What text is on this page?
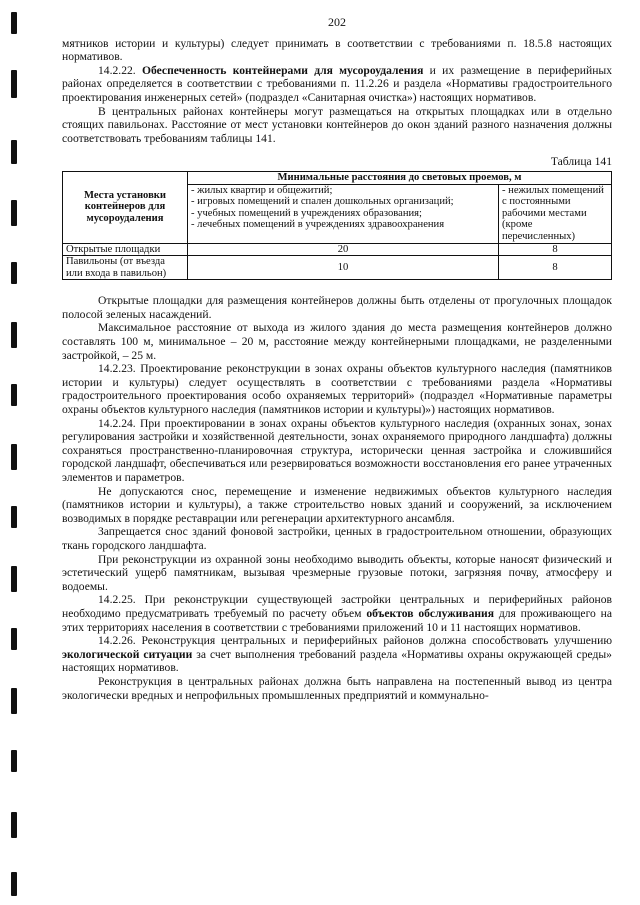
202

мятников истории и культуры) следует принимать в соответствии с требованиями п. 18.5.8 настоящих нормативов.

14.2.22. Обеспеченность контейнерами для мусороудаления и их размещение в периферийных районах определяется в соответствии с требованиями п. 11.2.26 и раздела «Нормативы градостроительного проектирования инженерных сетей» (подраздел «Санитарная очистка») настоящих нормативов.

В центральных районах контейнеры могут размещаться на открытых площадках или в отдельно стоящих павильонах. Расстояние от мест установки контейнеров до окон зданий разного назначения должны соответствовать требованиям таблицы 141.

Таблица 141
Места установки контейнеров для мусороудаления	Минимальные расстояния до световых проемов, м	
	- жилых квартир и общежитий;
- игровых помещений и спален дошкольных организаций;
- учебных помещений в учреждениях образования;
- лечебных помещений в учреждениях здравоохранения	- нежилых помещений с постоянными рабочими местами (кроме перечисленных)
Открытые площадки	20	8
Павильоны (от въезда или входа в павильон)	10	8

Открытые площадки для размещения контейнеров должны быть отделены от прогулочных площадок полосой зеленых насаждений.

Максимальное расстояние от выхода из жилого здания до места размещения контейнеров должно составлять 100 м, минимальное – 20 м, расстояние между контейнерными площадками, не разделенными застройкой, – 25 м.

14.2.23. Проектирование реконструкции в зонах охраны объектов культурного наследия (памятников истории и культуры) следует осуществлять в соответствии с требованиями раздела «Нормативы градостроительного проектирования особо охраняемых территорий» (подраздел «Нормативные параметры охраны объектов культурного наследия (памятников истории и культуры)») настоящих нормативов.

14.2.24. При проектировании в зонах охраны объектов культурного наследия (охранных зонах, зонах регулирования застройки и хозяйственной деятельности, зонах охраняемого природного ландшафта) должны сохраняться пространственно-планировочная структура, исторически ценная застройка и сложившийся городской ландшафт, обеспечиваться или резервироваться возможности восстановления его ранее утраченных элементов и параметров.

Не допускаются снос, перемещение и изменение недвижимых объектов культурного наследия (памятников истории и культуры), а также строительство новых зданий и сооружений, за исключением возводимых в порядке реставрации или регенерации архитектурного ансамбля.

Запрещается снос зданий фоновой застройки, ценных в градостроительном отношении, образующих ткань городского ландшафта.

При реконструкции из охранной зоны необходимо выводить объекты, которые наносят физический и эстетический ущерб памятникам, вызывая чрезмерные грузовые потоки, загрязняя почву, атмосферу и водоемы.

14.2.25. При реконструкции существующей застройки центральных и периферийных районов необходимо предусматривать требуемый по расчету объем объектов обслуживания для проживающего на этих территориях населения в соответствии с требованиями приложений 10 и 11 настоящих нормативов.

14.2.26. Реконструкция центральных и периферийных районов должна способствовать улучшению экологической ситуации за счет выполнения требований раздела «Нормативы охраны окружающей среды» настоящих нормативов.

Реконструкция в центральных районах должна быть направлена на постепенный вывод из центра экологически вредных и непрофильных промышленных предприятий и коммунально-
